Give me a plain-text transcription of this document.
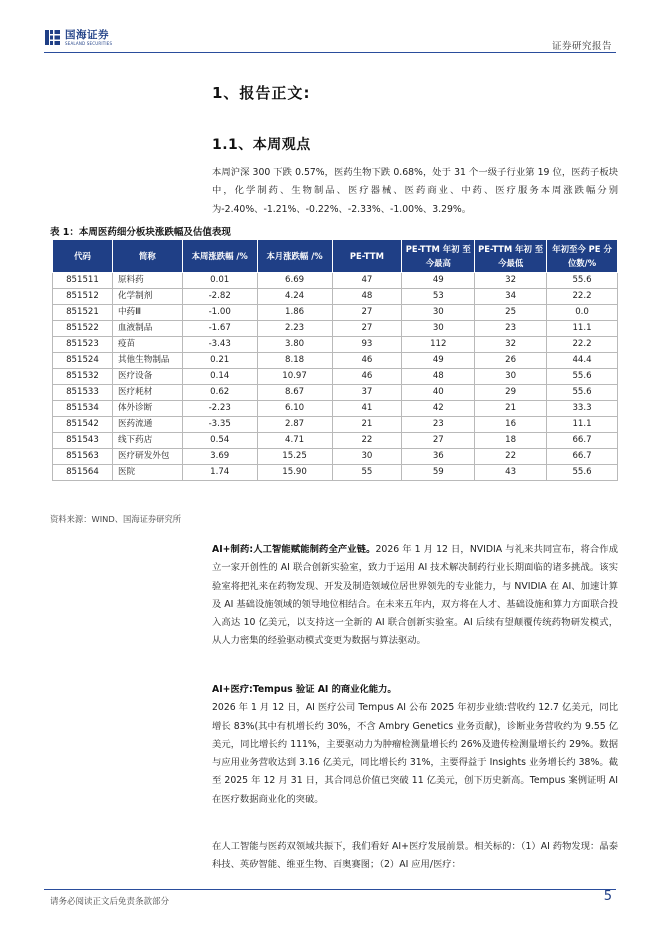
国海证券
SEALAND SECURITIES	证券研究报告
1、报告正文:
1.1、本周观点
本周沪深 300 下跌 0.57%，医药生物下跌 0.68%，处于 31 个一级子行业第 19 位，医药子板块中，化学制药、生物制品、医疗器械、医药商业、中药、医疗服务本周涨跌幅分别为-2.40%、-1.21%、-0.22%、-2.33%、-1.00%、3.29%。
表 1：本周医药细分板块涨跌幅及估值表现
代码	简称	本周涨跌幅 /%	本月涨跌幅 /%	PE-TTM	PE-TTM 年初 至今最高	PE-TTM 年初 至今最低	年初至今 PE 分位数/%
851511	原料药	0.01	6.69	47	49	32	55.6
851512	化学制剂	-2.82	4.24	48	53	34	22.2
851521	中药Ⅲ	-1.00	1.86	27	30	25	0.0
851522	血液制品	-1.67	2.23	27	30	23	11.1
851523	疫苗	-3.43	3.80	93	112	32	22.2
851524	其他生物制品	0.21	8.18	46	49	26	44.4
851532	医疗设备	0.14	10.97	46	48	30	55.6
851533	医疗耗材	0.62	8.67	37	40	29	55.6
851534	体外诊断	-2.23	6.10	41	42	21	33.3
851542	医药流通	-3.35	2.87	21	23	16	11.1
851543	线下药店	0.54	4.71	22	27	18	66.7
851563	医疗研发外包	3.69	15.25	30	36	22	66.7
851564	医院	1.74	15.90	55	59	43	55.6
资料来源：WIND、国海证券研究所
AI+制药:人工智能赋能制药全产业链。2026 年 1 月 12 日，NVIDIA 与礼来共同宣布，将合作成立一家开创性的 AI 联合创新实验室，致力于运用 AI 技术解决制药行业长期面临的诸多挑战。该实验室将把礼来在药物发现、开发及制造领域位居世界领先的专业能力，与 NVIDIA 在 AI、加速计算及 AI 基础设施领域的领导地位相结合。在未来五年内，双方将在人才、基础设施和算力方面联合投入高达 10 亿美元，以支持这一全新的 AI 联合创新实验室。AI 后续有望颠覆传统药物研发模式，从人力密集的经验驱动模式变更为数据与算法驱动。
AI+医疗:Tempus 验证 AI 的商业化能力。
2026 年 1 月 12 日，AI 医疗公司 Tempus AI 公布 2025 年初步业绩:营收约 12.7 亿美元，同比增长 83%(其中有机增长约 30%，不含 Ambry Genetics 业务贡献)，诊断业务营收约为 9.55 亿美元，同比增长约 111%，主要驱动力为肿瘤检测量增长约 26%及遗传检测量增长约 29%。数据与应用业务营收达到 3.16 亿美元，同比增长约 31%，主要得益于 Insights 业务增长约 38%。截至 2025 年 12 月 31 日，其合同总价值已突破 11 亿美元，创下历史新高。Tempus 案例证明 AI 在医疗数据商业化的突破。
在人工智能与医药双领域共振下，我们看好 AI+医疗发展前景。相关标的：（1）AI 药物发现：晶泰科技、英矽智能、维亚生物、百奥赛图；（2）AI 应用/医疗：
请务必阅读正文后免责条款部分	5
